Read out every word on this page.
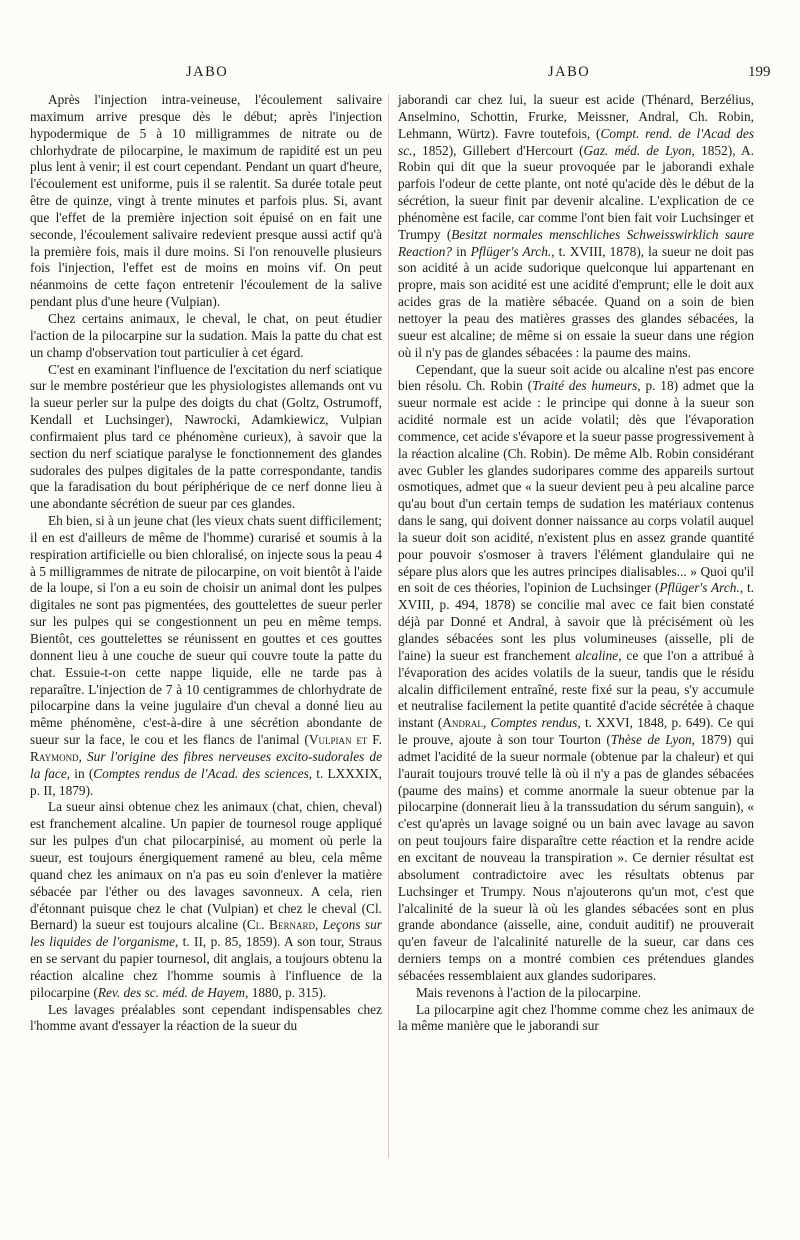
JABO	JABO	199

Après l'injection intra-veineuse, l'écoulement salivaire maximum arrive presque dès le début; après l'injection hypodermique de 5 à 10 milligrammes de nitrate ou de chlorhydrate de pilocarpine, le maximum de rapidité est un peu plus lent à venir; il est court cependant. Pendant un quart d'heure, l'écoulement est uniforme, puis il se ralentit. Sa durée totale peut être de quinze, vingt à trente minutes et parfois plus. Si, avant que l'effet de la première injection soit épuisé on en fait une seconde, l'écoulement salivaire redevient presque aussi actif qu'à la première fois, mais il dure moins. Si l'on renouvelle plusieurs fois l'injection, l'effet est de moins en moins vif. On peut néanmoins de cette façon entretenir l'écoulement de la salive pendant plus d'une heure (Vulpian).

Chez certains animaux, le cheval, le chat, on peut étudier l'action de la pilocarpine sur la sudation. Mais la patte du chat est un champ d'observation tout particulier à cet égard.

C'est en examinant l'influence de l'excitation du nerf sciatique sur le membre postérieur que les physiologistes allemands ont vu la sueur perler sur la pulpe des doigts du chat (Goltz, Ostrumoff, Kendall et Luchsinger), Nawrocki, Adamkiewicz, Vulpian confirmaient plus tard ce phénomène curieux), à savoir que la section du nerf sciatique paralyse le fonctionnement des glandes sudorales des pulpes digitales de la patte correspondante, tandis que la faradisation du bout périphérique de ce nerf donne lieu à une abondante sécrétion de sueur par ces glandes.

Eh bien, si à un jeune chat (les vieux chats suent difficilement; il en est d'ailleurs de même de l'homme) curarisé et soumis à la respiration artificielle ou bien chloralisé, on injecte sous la peau 4 à 5 milligrammes de nitrate de pilocarpine, on voit bientôt à l'aide de la loupe, si l'on a eu soin de choisir un animal dont les pulpes digitales ne sont pas pigmentées, des gouttelettes de sueur perler sur les pulpes qui se congestionnent un peu en même temps. Bientôt, ces gouttelettes se réunissent en gouttes et ces gouttes donnent lieu à une couche de sueur qui couvre toute la patte du chat. Essuie-t-on cette nappe liquide, elle ne tarde pas à reparaître. L'injection de 7 à 10 centigrammes de chlorhydrate de pilocarpine dans la veine jugulaire d'un cheval a donné lieu au même phénomène, c'est-à-dire à une sécrétion abondante de sueur sur la face, le cou et les flancs de l'animal (Vulpian et F. Raymond, Sur l'origine des fibres nerveuses excito-sudorales de la face, in (Comptes rendus de l'Acad. des sciences, t. LXXXIX, p. II, 1879).

La sueur ainsi obtenue chez les animaux (chat, chien, cheval) est franchement alcaline. Un papier de tournesol rouge appliqué sur les pulpes d'un chat pilocarpinisé, au moment où perle la sueur, est toujours énergiquement ramené au bleu, cela même quand chez les animaux on n'a pas eu soin d'enlever la matière sébacée par l'éther ou des lavages savonneux. A cela, rien d'étonnant puisque chez le chat (Vulpian) et chez le cheval (Cl. Bernard) la sueur est toujours alcaline (Cl. Bernard, Leçons sur les liquides de l'organisme, t. II, p. 85, 1859). A son tour, Straus en se servant du papier tournesol, dit anglais, a toujours obtenu la réaction alcaline chez l'homme soumis à l'influence de la pilocarpine (Rev. des sc. méd. de Hayem, 1880, p. 315).

Les lavages préalables sont cependant indispensables chez l'homme avant d'essayer la réaction de la sueur du

jaborandi car chez lui, la sueur est acide (Thénard, Berzélius, Anselmino, Schottin, Frurke, Meissner, Andral, Ch. Robin, Lehmann, Würtz). Favre toutefois, (Compt. rend. de l'Acad des sc., 1852), Gillebert d'Hercourt (Gaz. méd. de Lyon, 1852), A. Robin qui dit que la sueur provoquée par le jaborandi exhale parfois l'odeur de cette plante, ont noté qu'acide dès le début de la sécrétion, la sueur finit par devenir alcaline. L'explication de ce phénomène est facile, car comme l'ont bien fait voir Luchsinger et Trumpy (Besitzt normales menschliches Schweisswirklich saure Reaction? in Pflüger's Arch., t. XVIII, 1878), la sueur ne doit pas son acidité à un acide sudorique quelconque lui appartenant en propre, mais son acidité est une acidité d'emprunt; elle le doit aux acides gras de la matière sébacée. Quand on a soin de bien nettoyer la peau des matières grasses des glandes sébacées, la sueur est alcaline; de même si on essaie la sueur dans une région où il n'y pas de glandes sébacées : la paume des mains.

Cependant, que la sueur soit acide ou alcaline n'est pas encore bien résolu. Ch. Robin (Traité des humeurs, p. 18) admet que la sueur normale est acide : le principe qui donne à la sueur son acidité normale est un acide volatil; dès que l'évaporation commence, cet acide s'évapore et la sueur passe progressivement à la réaction alcaline (Ch. Robin). De même Alb. Robin considérant avec Gubler les glandes sudoripares comme des appareils surtout osmotiques, admet que « la sueur devient peu à peu alcaline parce qu'au bout d'un certain temps de sudation les matériaux contenus dans le sang, qui doivent donner naissance au corps volatil auquel la sueur doit son acidité, n'existent plus en assez grande quantité pour pouvoir s'osmoser à travers l'élément glandulaire qui ne sépare plus alors que les autres principes dialisables... » Quoi qu'il en soit de ces théories, l'opinion de Luchsinger (Pflüger's Arch., t. XVIII, p. 494, 1878) se concilie mal avec ce fait bien constaté déjà par Donné et Andral, à savoir que là précisément où les glandes sébacées sont les plus volumineuses (aisselle, pli de l'aine) la sueur est franchement alcaline, ce que l'on a attribué à l'évaporation des acides volatils de la sueur, tandis que le résidu alcalin difficilement entraîné, reste fixé sur la peau, s'y accumule et neutralise facilement la petite quantité d'acide sécrétée à chaque instant (Andral, Comptes rendus, t. XXVI, 1848, p. 649). Ce qui le prouve, ajoute à son tour Tourton (Thèse de Lyon, 1879) qui admet l'acidité de la sueur normale (obtenue par la chaleur) et qui l'aurait toujours trouvé telle là où il n'y a pas de glandes sébacées (paume des mains) et comme anormale la sueur obtenue par la pilocarpine (donnerait lieu à la transsudation du sérum sanguin), « c'est qu'après un lavage soigné ou un bain avec lavage au savon on peut toujours faire disparaître cette réaction et la rendre acide en excitant de nouveau la transpiration ». Ce dernier résultat est absolument contradictoire avec les résultats obtenus par Luchsinger et Trumpy. Nous n'ajouterons qu'un mot, c'est que l'alcalinité de la sueur là où les glandes sébacées sont en plus grande abondance (aisselle, aine, conduit auditif) ne prouverait qu'en faveur de l'alcalinité naturelle de la sueur, car dans ces derniers temps on a montré combien ces prétendues glandes sébacées ressemblaient aux glandes sudoripares.

Mais revenons à l'action de la pilocarpine.

La pilocarpine agit chez l'homme comme chez les animaux de la même manière que le jaborandi sur
